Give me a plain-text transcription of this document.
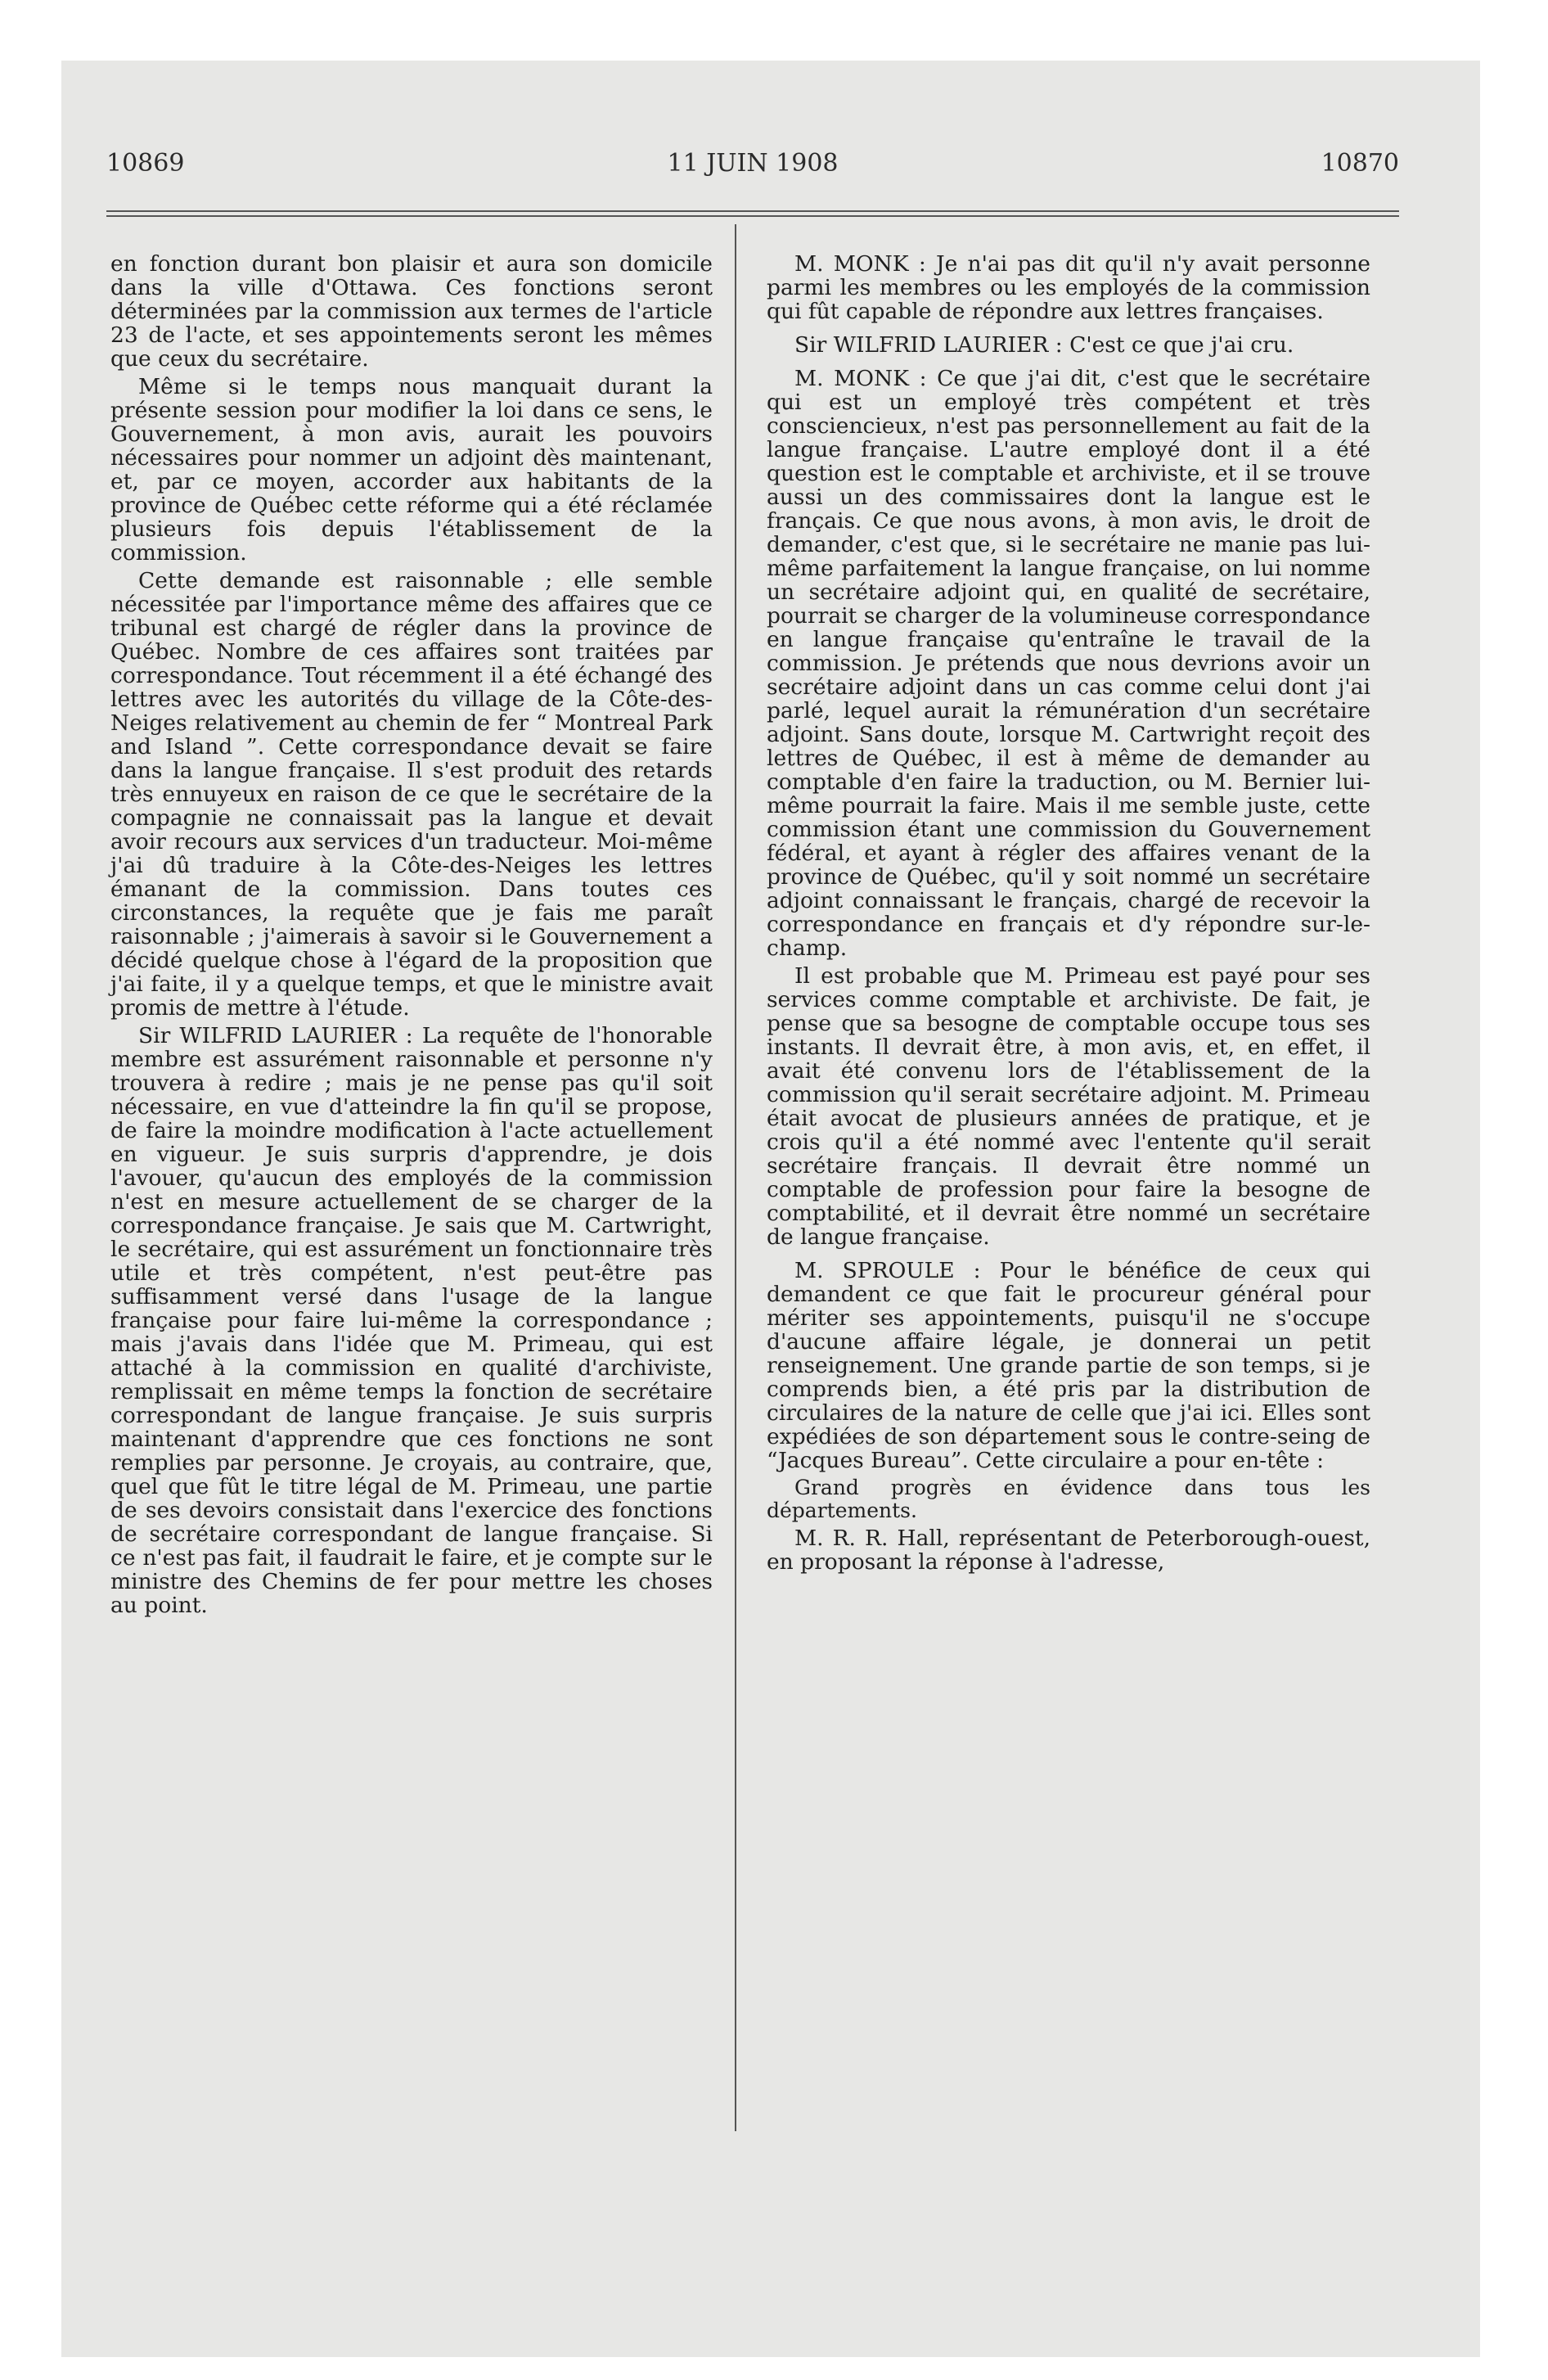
10869	11 JUIN 1908	10870

en fonction durant bon plaisir et aura son domicile dans la ville d'Ottawa. Ces fonctions seront déterminées par la commission aux termes de l'article 23 de l'acte, et ses appointements seront les mêmes que ceux du secrétaire.

Même si le temps nous manquait durant la présente session pour modifier la loi dans ce sens, le Gouvernement, à mon avis, aurait les pouvoirs nécessaires pour nommer un adjoint dès maintenant, et, par ce moyen, accorder aux habitants de la province de Québec cette réforme qui a été réclamée plusieurs fois depuis l'établissement de la commission.

Cette demande est raisonnable ; elle semble nécessitée par l'importance même des affaires que ce tribunal est chargé de régler dans la province de Québec. Nombre de ces affaires sont traitées par correspondance. Tout récemment il a été échangé des lettres avec les autorités du village de la Côte-des-Neiges relativement au chemin de fer “ Montreal Park and Island ”. Cette correspondance devait se faire dans la langue française. Il s'est produit des retards très ennuyeux en raison de ce que le secrétaire de la compagnie ne connaissait pas la langue et devait avoir recours aux services d'un traducteur. Moi-même j'ai dû traduire à la Côte-des-Neiges les lettres émanant de la commission. Dans toutes ces circonstances, la requête que je fais me paraît raisonnable ; j'aimerais à savoir si le Gouvernement a décidé quelque chose à l'égard de la proposition que j'ai faite, il y a quelque temps, et que le ministre avait promis de mettre à l'étude.

Sir WILFRID LAURIER : La requête de l'honorable membre est assurément raisonnable et personne n'y trouvera à redire ; mais je ne pense pas qu'il soit nécessaire, en vue d'atteindre la fin qu'il se propose, de faire la moindre modification à l'acte actuellement en vigueur. Je suis surpris d'apprendre, je dois l'avouer, qu'aucun des employés de la commission n'est en mesure actuellement de se charger de la correspondance française. Je sais que M. Cartwright, le secrétaire, qui est assurément un fonctionnaire très utile et très compétent, n'est peut-être pas suffisamment versé dans l'usage de la langue française pour faire lui-même la correspondance ; mais j'avais dans l'idée que M. Primeau, qui est attaché à la commission en qualité d'archiviste, remplissait en même temps la fonction de secrétaire correspondant de langue française. Je suis surpris maintenant d'apprendre que ces fonctions ne sont remplies par personne. Je croyais, au contraire, que, quel que fût le titre légal de M. Primeau, une partie de ses devoirs consistait dans l'exercice des fonctions de secrétaire correspondant de langue française. Si ce n'est pas fait, il faudrait le faire, et je compte sur le ministre des Chemins de fer pour mettre les choses au point.

M. MONK : Je n'ai pas dit qu'il n'y avait personne parmi les membres ou les employés de la commission qui fût capable de répondre aux lettres françaises.

Sir WILFRID LAURIER : C'est ce que j'ai cru.

M. MONK : Ce que j'ai dit, c'est que le secrétaire qui est un employé très compétent et très consciencieux, n'est pas personnellement au fait de la langue française. L'autre employé dont il a été question est le comptable et archiviste, et il se trouve aussi un des commissaires dont la langue est le français. Ce que nous avons, à mon avis, le droit de demander, c'est que, si le secrétaire ne manie pas lui-même parfaitement la langue française, on lui nomme un secrétaire adjoint qui, en qualité de secrétaire, pourrait se charger de la volumineuse correspondance en langue française qu'entraîne le travail de la commission. Je prétends que nous devrions avoir un secrétaire adjoint dans un cas comme celui dont j'ai parlé, lequel aurait la rémunération d'un secrétaire adjoint. Sans doute, lorsque M. Cartwright reçoit des lettres de Québec, il est à même de demander au comptable d'en faire la traduction, ou M. Bernier lui-même pourrait la faire. Mais il me semble juste, cette commission étant une commission du Gouvernement fédéral, et ayant à régler des affaires venant de la province de Québec, qu'il y soit nommé un secrétaire adjoint connaissant le français, chargé de recevoir la correspondance en français et d'y répondre sur-le-champ.

Il est probable que M. Primeau est payé pour ses services comme comptable et archiviste. De fait, je pense que sa besogne de comptable occupe tous ses instants. Il devrait être, à mon avis, et, en effet, il avait été convenu lors de l'établissement de la commission qu'il serait secrétaire adjoint. M. Primeau était avocat de plusieurs années de pratique, et je crois qu'il a été nommé avec l'entente qu'il serait secrétaire français. Il devrait être nommé un comptable de profession pour faire la besogne de comptabilité, et il devrait être nommé un secrétaire de langue française.

M. SPROULE : Pour le bénéfice de ceux qui demandent ce que fait le procureur général pour mériter ses appointements, puisqu'il ne s'occupe d'aucune affaire légale, je donnerai un petit renseignement. Une grande partie de son temps, si je comprends bien, a été pris par la distribution de circulaires de la nature de celle que j'ai ici. Elles sont expédiées de son département sous le contre-seing de “Jacques Bureau”. Cette circulaire a pour en-tête :

Grand progrès en évidence dans tous les départements.

M. R. R. Hall, représentant de Peterborough-ouest, en proposant la réponse à l'adresse,
